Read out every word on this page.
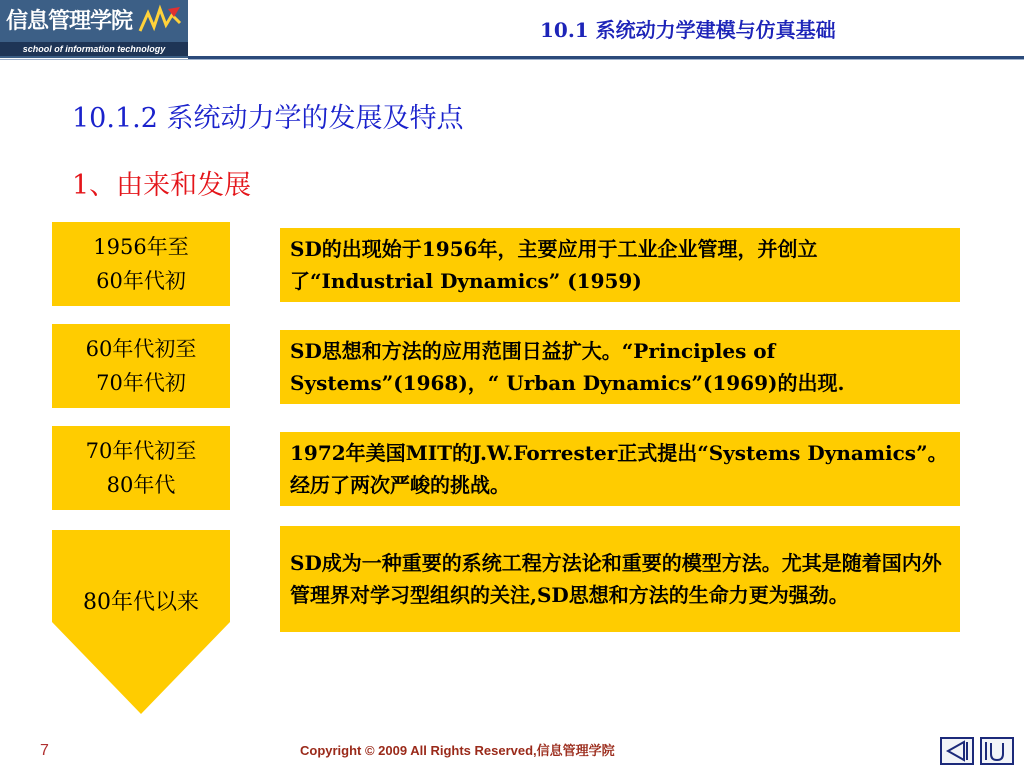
信息管理学院
school of information technology
10.1 系统动力学建模与仿真基础
10.1.2 系统动力学的发展及特点
1、由来和发展
1956年至
60年代初
SD的出现始于1956年，主要应用于工业企业管理，并创立了“Industrial Dynamics” (1959)
60年代初至
70年代初
SD思想和方法的应用范围日益扩大。“Principles of Systems”(1968)，“ Urban Dynamics”(1969)的出现.
70年代初至
80年代
1972年美国MIT的J.W.Forrester正式提出“Systems Dynamics”。 经历了两次严峻的挑战。
80年代以来
SD成为一种重要的系统工程方法论和重要的模型方法。尤其是随着国内外管理界对学习型组织的关注,SD思想和方法的生命力更为强劲。
7	Copyright © 2009 All Rights Reserved,信息管理学院
